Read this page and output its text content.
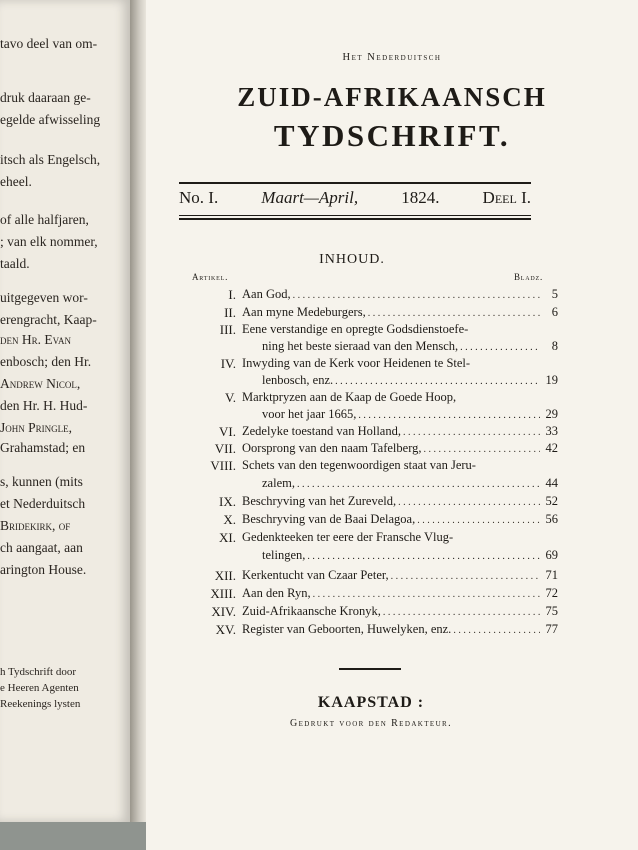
tavo deel van om-
druk daaraan ge-
egelde afwisseling
itsch als Engelsch,
eheel.
of alle halfjaren,
; van elk nommer,
taald.
uitgegeven wor-
erengracht, Kaap-
den Hr. Evan
enbosch; den Hr.
Andrew Nicol,
den Hr. H. Hud-
John Pringle,
Grahamstad; en
s, kunnen (mits
et Nederduitsch
Bridekirk, of
ch aangaat, aan
arington House.
h Tydschrift door
e Heeren Agenten
Reekenings lysten
Het Nederduitsch
ZUID-AFRIKAANSCH
TYDSCHRIFT.
No. I.	Maart—April,	1824.	Deel I.
INHOUD.
Artikel.	Bladz.
I. Aan God, . . .	5
II. Aan myne Medeburgers, . . .	6
III. Eene verstandige en opregte Godsdienstoefe-
ning het beste sieraad van den Mensch, . . .	8
IV. Inwyding van de Kerk voor Heidenen te Stel-
lenbosch, enz. . . .	19
V. Marktpryzen aan de Kaap de Goede Hoop,
voor het jaar 1665, . . .	29
VI. Zedelyke toestand van Holland, . . .	33
VII. Oorsprong van den naam Tafelberg, . . .	42
VIII. Schets van den tegenwoordigen staat van Jeru-
zalem, . . .	44
IX. Beschryving van het Zureveld, . . .	52
X. Beschryving van de Baai Delagoa, . . .	56
XI. Gedenkteeken ter eere der Fransche Vlug-
telingen, . . .	69
XII. Kerkentucht van Czaar Peter, . . .	71
XIII. Aan den Ryn, . . .	72
XIV. Zuid-Afrikaansche Kronyk, . . .	75
XV. Register van Geboorten, Huwelyken, enz. . . .	77
KAAPSTAD :
Gedrukt voor den Redakteur.
